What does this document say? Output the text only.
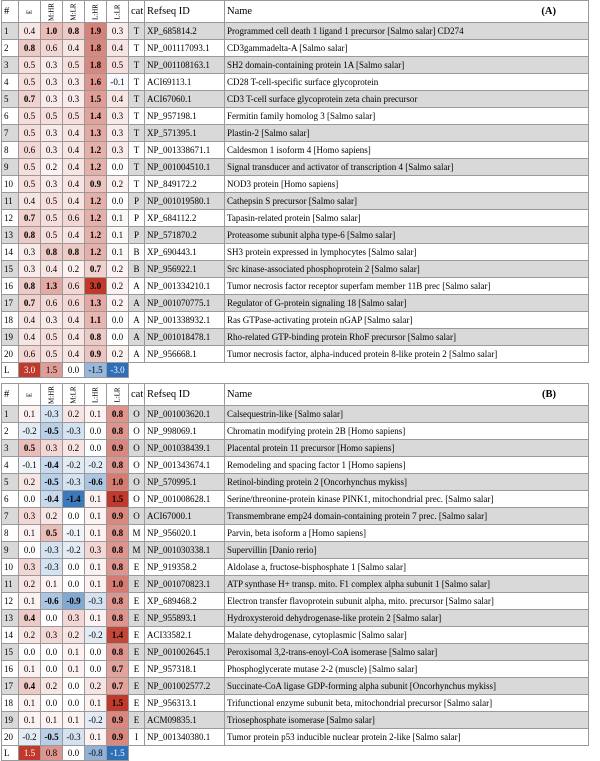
#	E	M:HR	M:LR	L:HR	L:LR	cat	Refseq ID	Name (A)

1	0.4	1.0	0.8	1.9	0.3	T	XP_685814.2	Programmed cell death 1 ligand 1 precursor [Salmo salar] CD274
2	0.8	0.6	0.4	1.8	0.4	T	NP_001117093.1	CD3gammadelta-A [Salmo salar]
3	0.5	0.3	0.5	1.8	0.5	T	NP_001108163.1	SH2 domain-containing protein 1A [Salmo salar]
4	0.5	0.3	0.3	1.6	-0.1	T	ACI69113.1	CD28 T-cell-specific surface glycoprotein
5	0.7	0.3	0.3	1.5	0.4	T	ACI67060.1	CD3 T-cell surface glycoprotein zeta chain precursor
6	0.5	0.5	0.5	1.4	0.3	T	NP_957198.1	Fermitin family homolog 3 [Salmo salar]
7	0.5	0.3	0.4	1.3	0.3	T	XP_571395.1	Plastin-2 [Salmo salar]
8	0.6	0.3	0.4	1.2	0.3	T	NP_001338671.1	Caldesmon 1 isoform 4 [Homo sapiens]
9	0.5	0.2	0.4	1.2	0.0	T	NP_001004510.1	Signal transducer and activator of transcription 4 [Salmo salar]
10	0.5	0.3	0.4	0.9	0.2	T	NP_849172.2	NOD3 protein [Homo sapiens]
11	0.4	0.5	0.4	1.2	0.0	P	NP_001019580.1	Cathepsin S precursor [Salmo salar]
12	0.7	0.5	0.6	1.2	0.1	P	XP_684112.2	Tapasin-related protein [Salmo salar]
13	0.8	0.5	0.4	1.2	0.1	P	NP_571870.2	Proteasome subunit alpha type-6 [Salmo salar]
14	0.3	0.8	0.8	1.2	0.1	B	XP_690443.1	SH3 protein expressed in lymphocytes [Salmo salar]
15	0.3	0.4	0.2	0.7	0.2	B	NP_956922.1	Src kinase-associated phosphoprotein 2 [Salmo salar]
16	0.8	1.3	0.6	3.0	0.2	A	NP_001334210.1	Tumor necrosis factor receptor superfam member 11B prec [Salmo salar]
17	0.7	0.6	0.6	1.3	0.2	A	NP_001070775.1	Regulator of G-protein signaling 18 [Salmo salar]
18	0.4	0.3	0.4	1.1	0.0	A	NP_001338932.1	Ras GTPase-activating protein nGAP [Salmo salar]
19	0.4	0.5	0.4	0.8	0.0	A	NP_001018478.1	Rho-related GTP-binding protein RhoF precursor [Salmo salar]
20	0.6	0.5	0.4	0.9	0.2	A	NP_956668.1	Tumor necrosis factor, alpha-induced protein 8-like protein 2 [Salmo salar]
L	3.0	1.5	0.0	-1.5	-3.0			
#	E	M:HR	M:LR	L:HR	L:LR	cat	Refseq ID	Name (B)

1	0.1	-0.3	0.2	0.1	0.8	O	NP_001003620.1	Calsequestrin-like [Salmo salar]
2	-0.2	-0.5	-0.3	0.0	0.8	O	NP_998069.1	Chromatin modifying protein 2B [Homo sapiens]
3	0.5	0.3	0.2	0.0	0.9	O	NP_001038439.1	Placental protein 11 precursor [Homo sapiens]
4	-0.1	-0.4	-0.2	-0.2	0.8	O	NP_001343674.1	Remodeling and spacing factor 1 [Homo sapiens]
5	0.2	-0.5	-0.3	-0.6	1.0	O	NP_570995.1	Retinol-binding protein 2 [Oncorhynchus mykiss]
6	0.0	-0.4	-1.4	0.1	1.5	O	NP_001008628.1	Serine/threonine-protein kinase PINK1, mitochondrial prec. [Salmo salar]
7	0.3	0.2	0.0	0.1	0.9	O	ACI67000.1	Transmembrane emp24 domain-containing protein 7 prec. [Salmo salar]
8	0.1	0.5	-0.1	0.1	0.8	M	NP_956020.1	Parvin, beta isoform a [Homo sapiens]
9	0.0	-0.3	-0.2	0.3	0.8	M	NP_001030338.1	Supervillin [Danio rerio]
10	0.3	-0.3	0.0	0.1	0.8	E	NP_919358.2	Aldolase a, fructose-bisphosphate 1 [Salmo salar]
11	0.2	0.1	0.0	0.1	1.0	E	NP_001070823.1	ATP synthase H+ transp. mito. F1 complex alpha subunit 1 [Salmo salar]
12	0.1	-0.6	-0.9	-0.3	0.8	E	XP_689468.2	Electron transfer flavoprotein subunit alpha, mito. precursor [Salmo salar]
13	0.4	0.0	0.3	0.1	0.8	E	NP_955893.1	Hydroxysteroid dehydrogenase-like protein 2 [Salmo salar]
14	0.2	0.3	0.2	-0.2	1.4	E	ACI33582.1	Malate dehydrogenase, cytoplasmic [Salmo salar]
15	0.0	0.0	0.1	0.0	0.8	E	NP_001002645.1	Peroxisomal 3,2-trans-enoyl-CoA isomerase [Salmo salar]
16	0.1	0.0	0.1	0.0	0.7	E	NP_957318.1	Phosphoglycerate mutase 2-2 (muscle) [Salmo salar]
17	0.4	0.2	0.0	0.2	0.7	E	NP_001002577.2	Succinate-CoA ligase GDP-forming alpha subunit [Oncorhynchus mykiss]
18	0.1	0.0	0.0	0.1	1.5	E	NP_956313.1	Trifunctional enzyme subunit beta, mitochondrial precursor [Salmo salar]
19	0.1	0.1	0.1	-0.2	0.9	E	ACM09835.1	Triosephosphate isomerase [Salmo salar]
20	-0.2	-0.5	-0.3	0.1	0.9	I	NP_001340380.1	Tumor protein p53 inducible nuclear protein 2-like [Salmo salar]
L	1.5	0.8	0.0	-0.8	-1.5			
